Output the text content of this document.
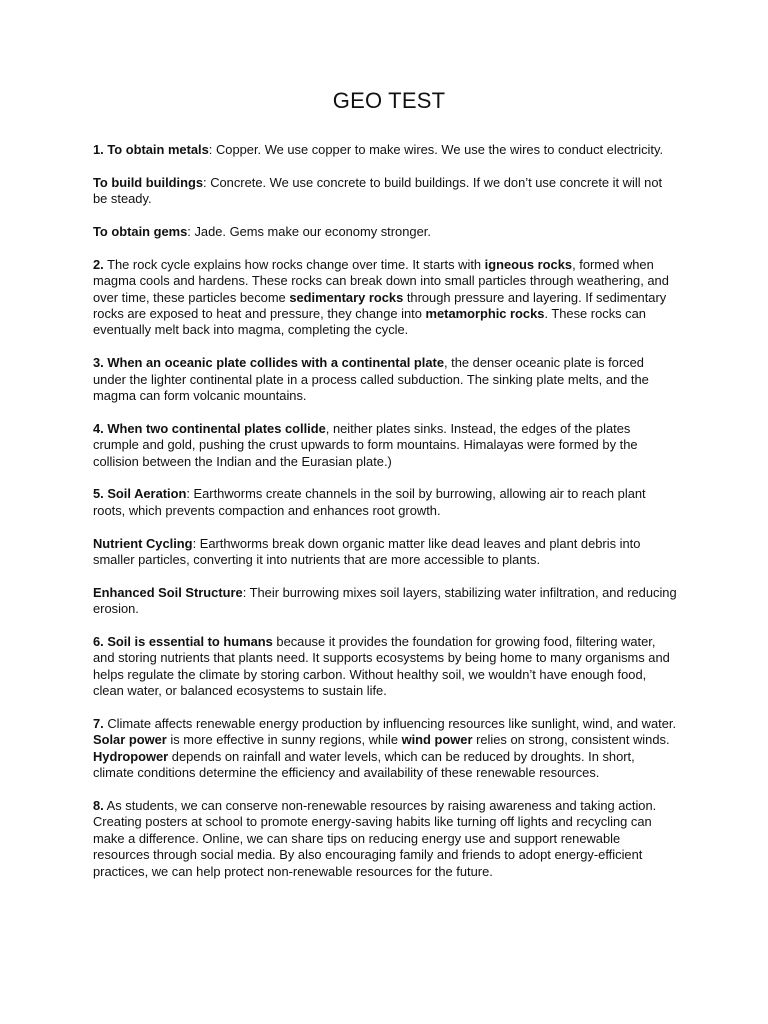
GEO TEST

1. To obtain metals: Copper. We use copper to make wires. We use the wires to conduct electricity.

To build buildings: Concrete. We use concrete to build buildings. If we don’t use concrete it will not be steady.

To obtain gems: Jade. Gems make our economy stronger.

2. The rock cycle explains how rocks change over time. It starts with igneous rocks, formed when magma cools and hardens. These rocks can break down into small particles through weathering, and over time, these particles become sedimentary rocks through pressure and layering. If sedimentary rocks are exposed to heat and pressure, they change into metamorphic rocks. These rocks can eventually melt back into magma, completing the cycle.

3. When an oceanic plate collides with a continental plate, the denser oceanic plate is forced under the lighter continental plate in a process called subduction. The sinking plate melts, and the magma can form volcanic mountains.

4. When two continental plates collide, neither plates sinks. Instead, the edges of the plates crumple and gold, pushing the crust upwards to form mountains. Himalayas were formed by the collision between the Indian and the Eurasian plate.)

5. Soil Aeration: Earthworms create channels in the soil by burrowing, allowing air to reach plant roots, which prevents compaction and enhances root growth.

Nutrient Cycling: Earthworms break down organic matter like dead leaves and plant debris into smaller particles, converting it into nutrients that are more accessible to plants.

Enhanced Soil Structure: Their burrowing mixes soil layers, stabilizing water infiltration, and reducing erosion.

6. Soil is essential to humans because it provides the foundation for growing food, filtering water, and storing nutrients that plants need. It supports ecosystems by being home to many organisms and helps regulate the climate by storing carbon. Without healthy soil, we wouldn’t have enough food, clean water, or balanced ecosystems to sustain life.

7. Climate affects renewable energy production by influencing resources like sunlight, wind, and water. Solar power is more effective in sunny regions, while wind power relies on strong, consistent winds. Hydropower depends on rainfall and water levels, which can be reduced by droughts. In short, climate conditions determine the efficiency and availability of these renewable resources.

8. As students, we can conserve non-renewable resources by raising awareness and taking action. Creating posters at school to promote energy-saving habits like turning off lights and recycling can make a difference. Online, we can share tips on reducing energy use and support renewable resources through social media. By also encouraging family and friends to adopt energy-efficient practices, we can help protect non-renewable resources for the future.
